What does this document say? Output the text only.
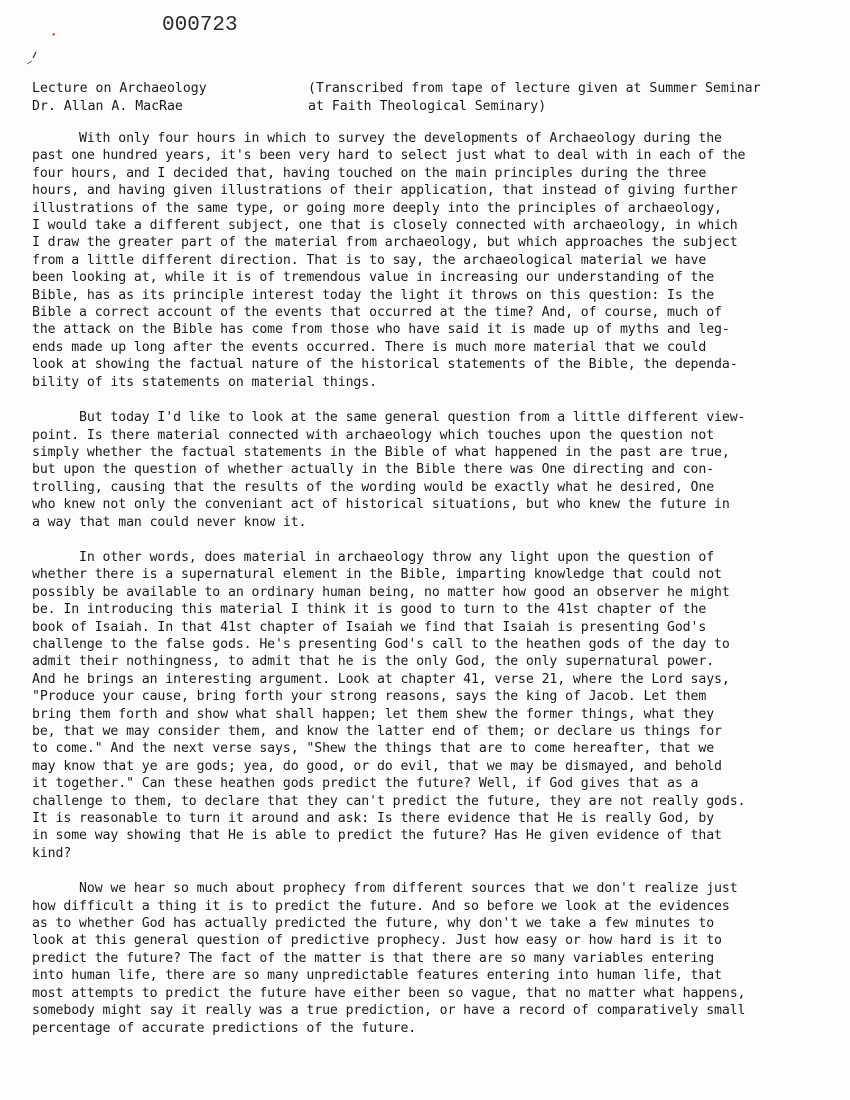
000723
Lecture on Archaeology
Dr. Allan A. MacRae
(Transcribed from tape of lecture given at Summer Seminar
at Faith Theological Seminary)
With only four hours in which to survey the developments of Archaeology during the
past one hundred years, it's been very hard to select just what to deal with in each of the
four hours, and I decided that, having touched on the main principles during the three
hours, and having given illustrations of their application, that instead of giving further
illustrations of the same type, or going more deeply into the principles of archaeology,
I would take a different subject, one that is closely connected with archaeology, in which
I draw the greater part of the material from archaeology, but which approaches the subject
from a little different direction. That is to say, the archaeological material we have
been looking at, while it is of tremendous value in increasing our understanding of the
Bible, has as its principle interest today the light it throws on this question: Is the
Bible a correct account of the events that occurred at the time? And, of course, much of
the attack on the Bible has come from those who have said it is made up of myths and leg-
ends made up long after the events occurred. There is much more material that we could
look at showing the factual nature of the historical statements of the Bible, the dependa-
bility of its statements on material things.
But today I'd like to look at the same general question from a little different view-
point. Is there material connected with archaeology which touches upon the question not
simply whether the factual statements in the Bible of what happened in the past are true,
but upon the question of whether actually in the Bible there was One directing and con-
trolling, causing that the results of the wording would be exactly what he desired, One
who knew not only the conveniant act of historical situations, but who knew the future in
a way that man could never know it.
In other words, does material in archaeology throw any light upon the question of
whether there is a supernatural element in the Bible, imparting knowledge that could not
possibly be available to an ordinary human being, no matter how good an observer he might
be. In introducing this material I think it is good to turn to the 41st chapter of the
book of Isaiah. In that 41st chapter of Isaiah we find that Isaiah is presenting God's
challenge to the false gods. He's presenting God's call to the heathen gods of the day to
admit their nothingness, to admit that he is the only God, the only supernatural power.
And he brings an interesting argument. Look at chapter 41, verse 21, where the Lord says,
"Produce your cause, bring forth your strong reasons, says the king of Jacob. Let them
bring them forth and show what shall happen; let them shew the former things, what they
be, that we may consider them, and know the latter end of them; or declare us things for
to come." And the next verse says, "Shew the things that are to come hereafter, that we
may know that ye are gods; yea, do good, or do evil, that we may be dismayed, and behold
it together." Can these heathen gods predict the future? Well, if God gives that as a
challenge to them, to declare that they can't predict the future, they are not really gods.
It is reasonable to turn it around and ask: Is there evidence that He is really God, by
in some way showing that He is able to predict the future? Has He given evidence of that
kind?
Now we hear so much about prophecy from different sources that we don't realize just
how difficult a thing it is to predict the future. And so before we look at the evidences
as to whether God has actually predicted the future, why don't we take a few minutes to
look at this general question of predictive prophecy. Just how easy or how hard is it to
predict the future? The fact of the matter is that there are so many variables entering
into human life, there are so many unpredictable features entering into human life, that
most attempts to predict the future have either been so vague, that no matter what happens,
somebody might say it really was a true prediction, or have a record of comparatively small
percentage of accurate predictions of the future.
